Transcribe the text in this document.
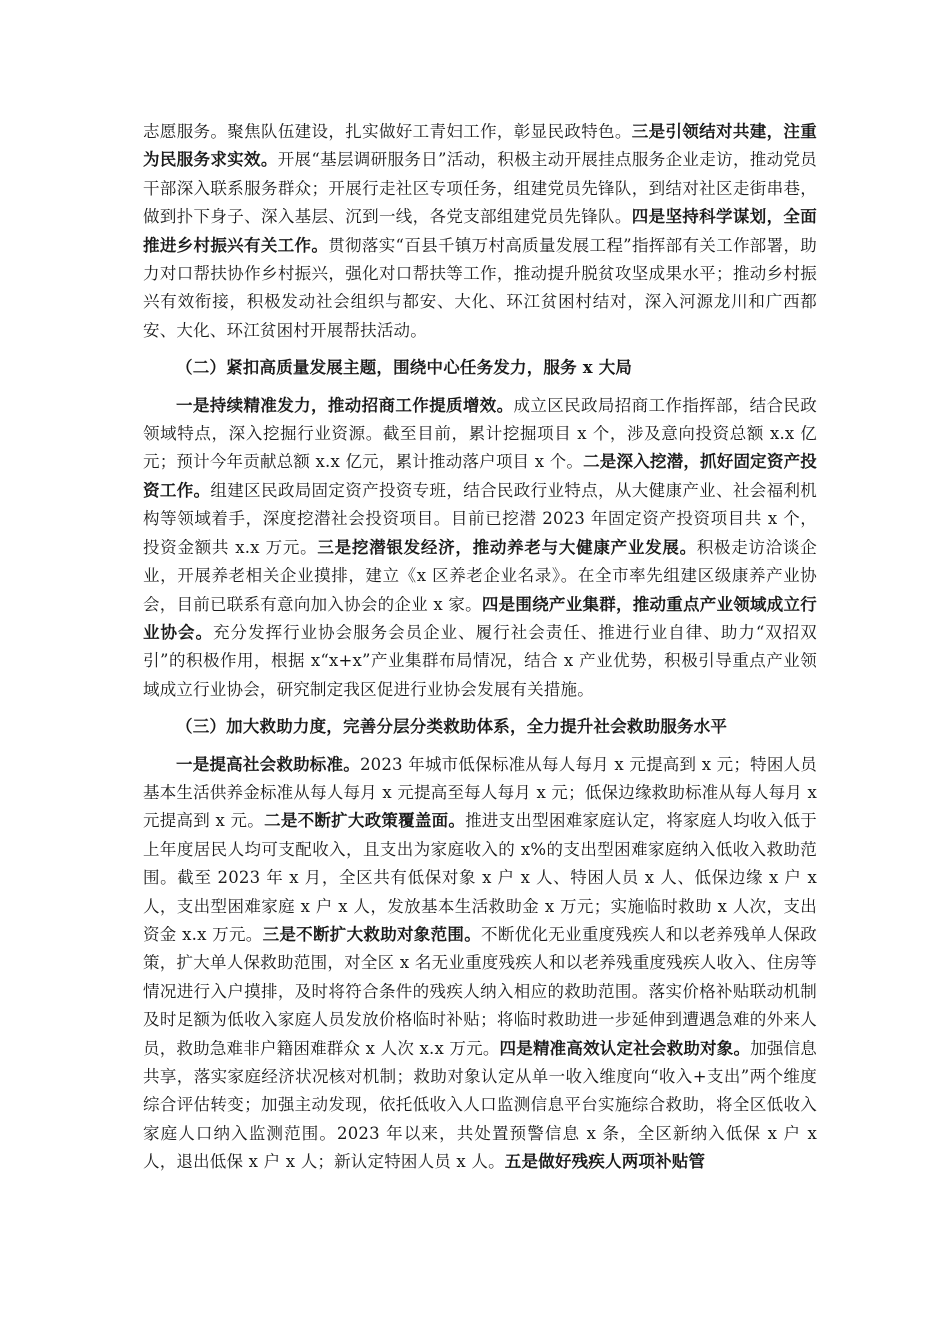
志愿服务。聚焦队伍建设，扎实做好工青妇工作，彰显民政特色。三是引领结对共建，注重为民服务求实效。开展“基层调研服务日”活动，积极主动开展挂点服务企业走访，推动党员干部深入联系服务群众；开展行走社区专项任务，组建党员先锋队，到结对社区走街串巷，做到扑下身子、深入基层、沉到一线，各党支部组建党员先锋队。四是坚持科学谋划，全面推进乡村振兴有关工作。贯彻落实“百县千镇万村高质量发展工程”指挥部有关工作部署，助力对口帮扶协作乡村振兴，强化对口帮扶等工作，推动提升脱贫攻坚成果水平；推动乡村振兴有效衔接，积极发动社会组织与都安、大化、环江贫困村结对，深入河源龙川和广西都安、大化、环江贫困村开展帮扶活动。

（二）紧扣高质量发展主题，围绕中心任务发力，服务 x 大局

一是持续精准发力，推动招商工作提质增效。成立区民政局招商工作指挥部，结合民政领域特点，深入挖掘行业资源。截至目前，累计挖掘项目 x 个，涉及意向投资总额 x.x 亿元；预计今年贡献总额 x.x 亿元，累计推动落户项目 x 个。二是深入挖潜，抓好固定资产投资工作。组建区民政局固定资产投资专班，结合民政行业特点，从大健康产业、社会福利机构等领域着手，深度挖潜社会投资项目。目前已挖潜 2023 年固定资产投资项目共 x 个，投资金额共 x.x 万元。三是挖潜银发经济，推动养老与大健康产业发展。积极走访洽谈企业，开展养老相关企业摸排，建立《x 区养老企业名录》。在全市率先组建区级康养产业协会，目前已联系有意向加入协会的企业 x 家。四是围绕产业集群，推动重点产业领域成立行业协会。充分发挥行业协会服务会员企业、履行社会责任、推进行业自律、助力“双招双引”的积极作用，根据 x“x+x”产业集群布局情况，结合 x 产业优势，积极引导重点产业领域成立行业协会，研究制定我区促进行业协会发展有关措施。

（三）加大救助力度，完善分层分类救助体系，全力提升社会救助服务水平

一是提高社会救助标准。2023 年城市低保标准从每人每月 x 元提高到 x 元；特困人员基本生活供养金标准从每人每月 x 元提高至每人每月 x 元；低保边缘救助标准从每人每月 x 元提高到 x 元。二是不断扩大政策覆盖面。推进支出型困难家庭认定，将家庭人均收入低于上年度居民人均可支配收入，且支出为家庭收入的 x%的支出型困难家庭纳入低收入救助范围。截至 2023 年 x 月，全区共有低保对象 x 户 x 人、特困人员 x 人、低保边缘 x 户 x 人，支出型困难家庭 x 户 x 人，发放基本生活救助金 x 万元；实施临时救助 x 人次，支出资金 x.x 万元。三是不断扩大救助对象范围。不断优化无业重度残疾人和以老养残单人保政策，扩大单人保救助范围，对全区 x 名无业重度残疾人和以老养残重度残疾人收入、住房等情况进行入户摸排，及时将符合条件的残疾人纳入相应的救助范围。落实价格补贴联动机制及时足额为低收入家庭人员发放价格临时补贴；将临时救助进一步延伸到遭遇急难的外来人员，救助急难非户籍困难群众 x 人次 x.x 万元。四是精准高效认定社会救助对象。加强信息共享，落实家庭经济状况核对机制；救助对象认定从单一收入维度向“收入+支出”两个维度综合评估转变；加强主动发现，依托低收入人口监测信息平台实施综合救助，将全区低收入家庭人口纳入监测范围。2023 年以来，共处置预警信息 x 条，全区新纳入低保 x 户 x 人，退出低保 x 户 x 人；新认定特困人员 x 人。五是做好残疾人两项补贴管
